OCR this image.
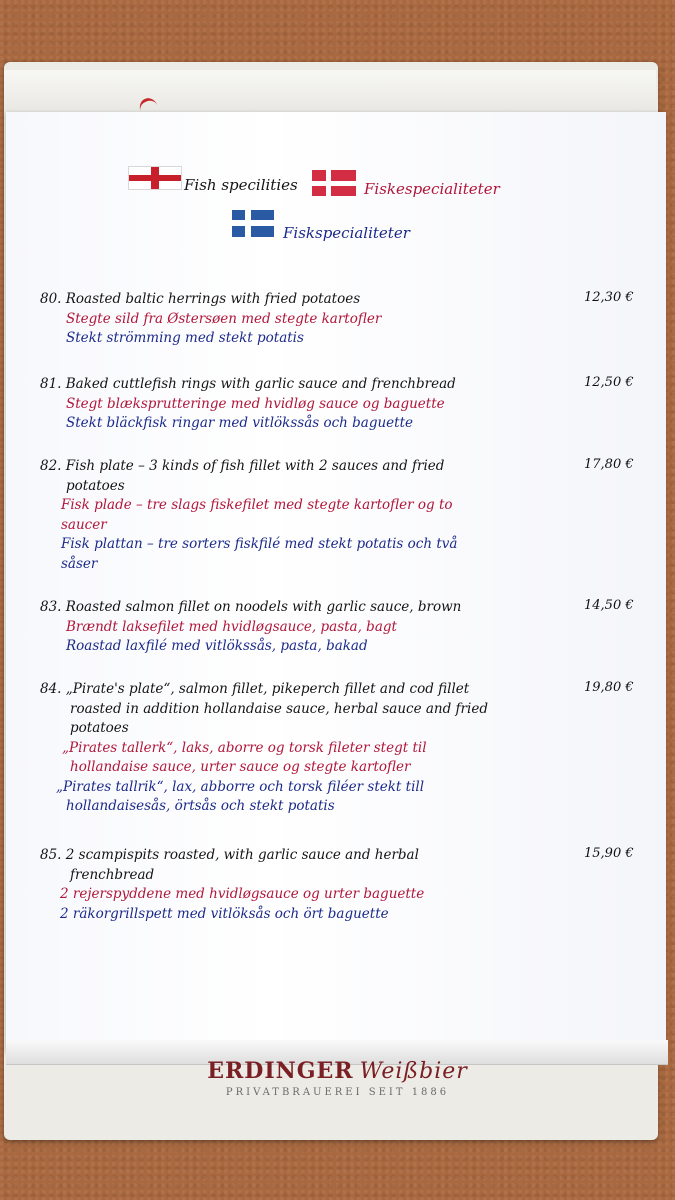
Fish specilities	Fiskespecialiteter
Fiskspecialiteter
80. Roasted baltic herrings with fried potatoes
Stegte sild fra Østersøen med stegte kartofler
Stekt strömming med stekt potatis
12,30 €
81. Baked cuttlefish rings with garlic sauce and frenchbread
Stegt blæksprutteringe med hvidløg sauce og baguette
Stekt bläckfisk ringar med vitlökssås och baguette
12,50 €
82. Fish plate – 3 kinds of fish fillet with 2 sauces and fried
potatoes
Fisk plade – tre slags fiskefilet med stegte kartofler og to
saucer
Fisk plattan – tre sorters fiskfilé med stekt potatis och två
såser
17,80 €
83. Roasted salmon fillet on noodels with garlic sauce, brown
Brændt laksefilet med hvidløgsauce, pasta, bagt
Roastad laxfilé med vitlökssås, pasta, bakad
14,50 €
84. „Pirate's plate“, salmon fillet, pikeperch fillet and cod fillet
roasted in addition hollandaise sauce, herbal sauce and fried
potatoes
„Pirates tallerk“, laks, aborre og torsk fileter stegt til
hollandaise sauce, urter sauce og stegte kartofler
„Pirates tallrik“, lax, abborre och torsk filéer stekt till
hollandaisesås, örtsås och stekt potatis
19,80 €
85. 2 scampispits roasted, with garlic sauce and herbal
frenchbread
2 rejerspyddene med hvidløgsauce og urter baguette
2 räkorgrillspett med vitlöksås och ört baguette
15,90 €
ERDINGER Weißbier
PRIVATBRAUEREI SEIT 1886
